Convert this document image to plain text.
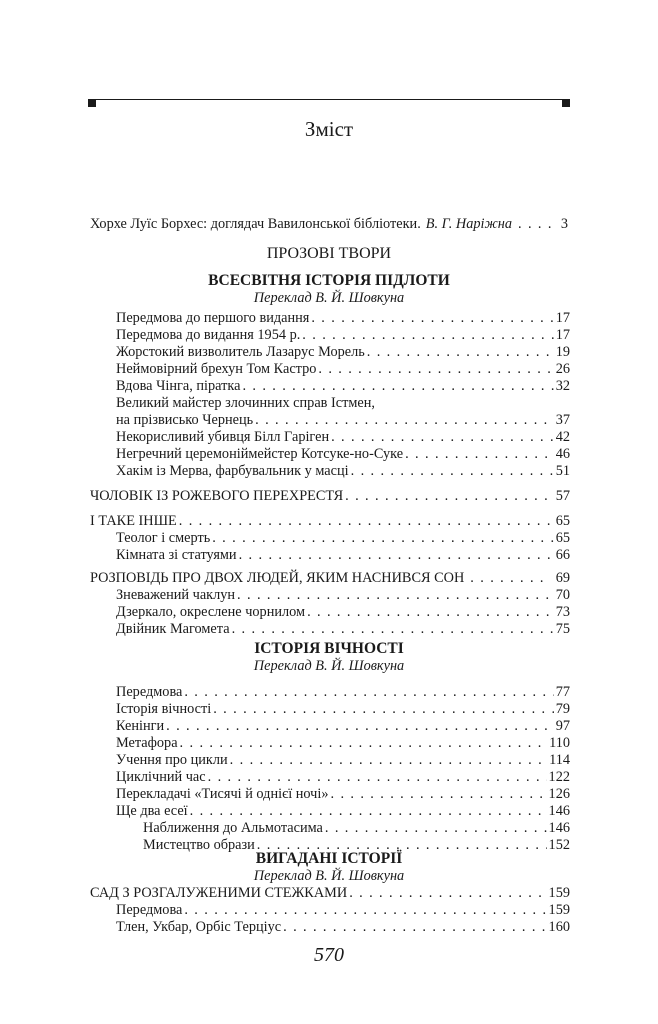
Зміст
Хорхе Луїс Борхес: доглядач Вавилонської бібліотеки. В. Г. Наріжна . . . .	3
ПРОЗОВІ ТВОРИ
ВСЕСВІТНЯ ІСТОРІЯ ПІДЛОТИ
Переклад В. Й. Шовкуна
Передмова до першого видання . . .	17
Передмова до видання 1954 р. . . .	17
Жорстокий визволитель Лазарус Морель . . .	19
Неймовірний брехун Том Кастро . . .	26
Вдова Чінга, піратка . . .	32
Великий майстер злочинних справ Істмен,
на прізвисько Чернець . . .	37
Некорисливий убивця Білл Гаріген . . .	42
Негречний церемоніймейстер Котсуке-но-Суке . . .	46
Хакім із Мерва, фарбувальник у масці . . .	51
ЧОЛОВІК ІЗ РОЖЕВОГО ПЕРЕХРЕСТЯ . . .	57
І ТАКЕ ІНШЕ . . .	65
Теолог і смерть . . .	65
Кімната зі статуями . . .	66
РОЗПОВІДЬ ПРО ДВОХ ЛЮДЕЙ, ЯКИМ НАСНИВСЯ СОН . . .	69
Зневажений чаклун . . .	70
Дзеркало, окреслене чорнилом . . .	73
Двійник Магомета . . .	75
ІСТОРІЯ ВІЧНОСТІ
Переклад В. Й. Шовкуна
Передмова . . .	77
Історія вічності . . .	79
Кенінги . . .	97
Метафора . . .	110
Учення про цикли . . .	114
Циклічний час . . .	122
Перекладачі «Тисячі й однієї ночі» . . .	126
Ще два есеї . . .	146
Наближення до Альмотасима . . .	146
Мистецтво образи . . .	152
ВИГАДАНІ ІСТОРІЇ
Переклад В. Й. Шовкуна
САД З РОЗГАЛУЖЕНИМИ СТЕЖКАМИ . . .	159
Передмова . . .	159
Тлен, Укбар, Орбіс Терціус . . .	160
570
